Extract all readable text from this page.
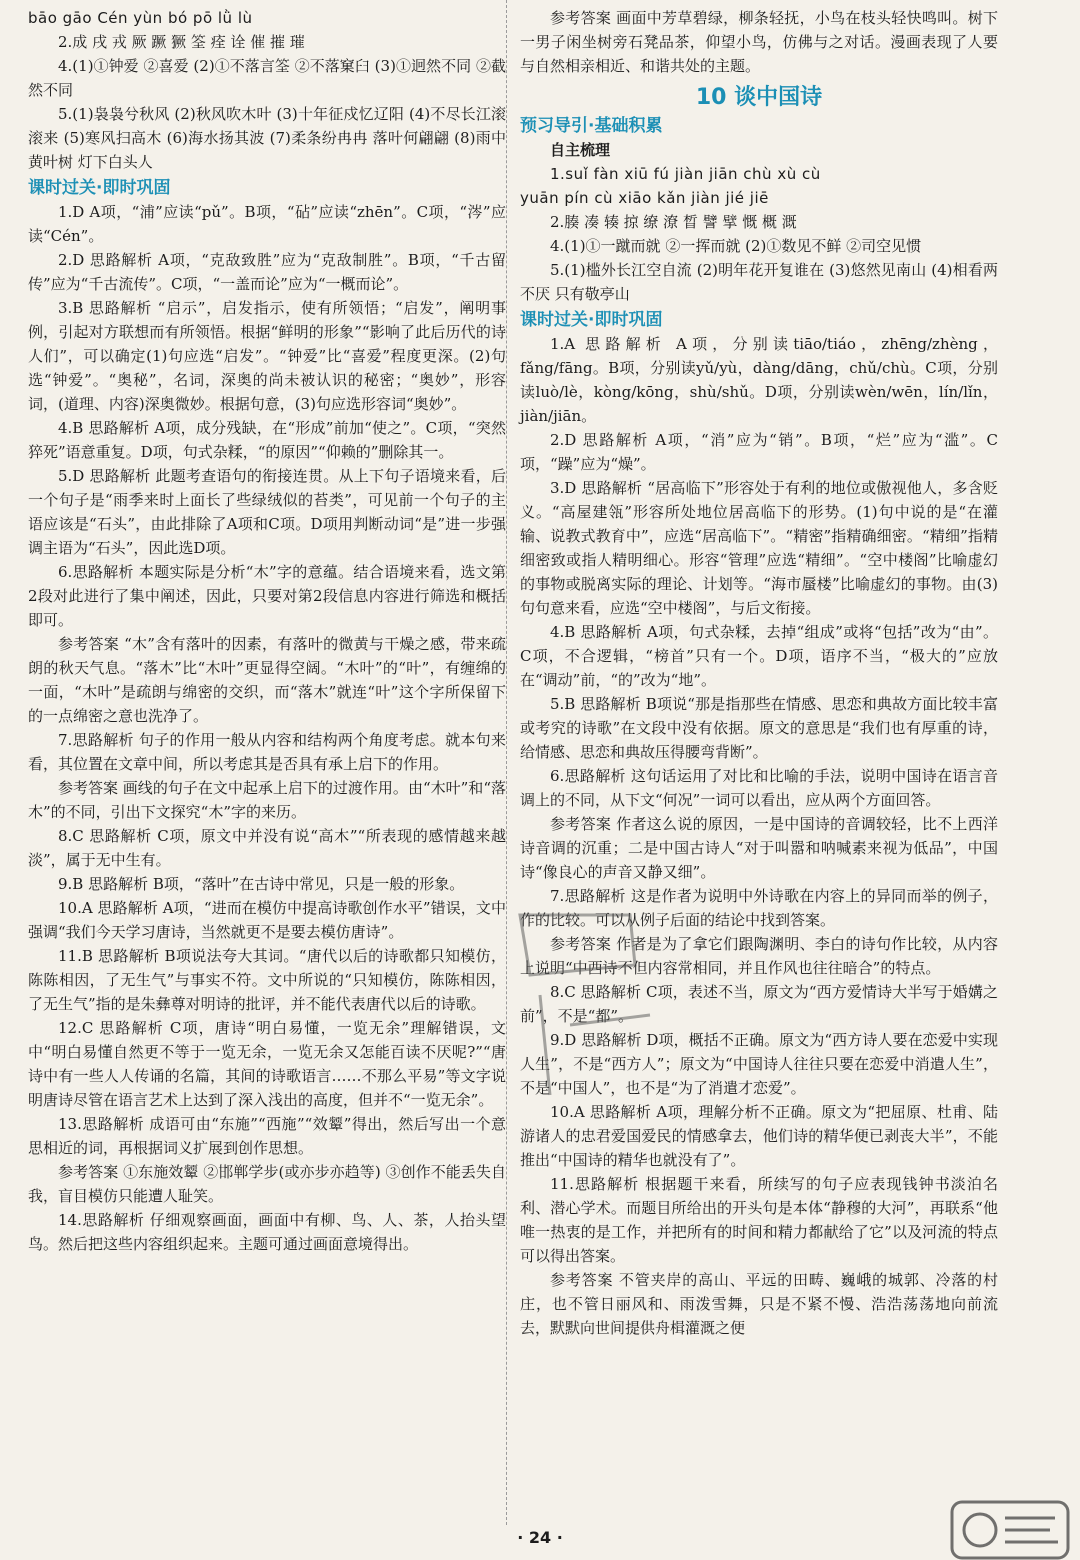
bāo gāo Cén yùn bó pō lǜ lù

2.成 戌 戎 厥 蹶 獗 筌 痊 诠 催 摧 璀

4.(1)①钟爱 ②喜爱 (2)①不落言筌 ②不落窠臼 (3)①迥然不同 ②截然不同

5.(1)袅袅兮秋风 (2)秋风吹木叶 (3)十年征戍忆辽阳 (4)不尽长江滚滚来 (5)寒风扫高木 (6)海水扬其波 (7)柔条纷冉冉 落叶何翩翩 (8)雨中黄叶树 灯下白头人

课时过关·即时巩固

1.D A项，“浦”应读“pǔ”。B项，“砧”应读“zhēn”。C项，“涔”应读“Cén”。

2.D 思路解析 A项，“克敌致胜”应为“克敌制胜”。B项，“千古留传”应为“千古流传”。C项，“一盖而论”应为“一概而论”。

3.B 思路解析 “启示”，启发指示，使有所领悟；“启发”，阐明事例，引起对方联想而有所领悟。根据“鲜明的形象”“影响了此后历代的诗人们”，可以确定(1)句应选“启发”。“钟爱”比“喜爱”程度更深。(2)句选“钟爱”。“奥秘”，名词，深奥的尚未被认识的秘密；“奥妙”，形容词，(道理、内容)深奥微妙。根据句意，(3)句应选形容词“奥妙”。

4.B 思路解析 A项，成分残缺，在“形成”前加“使之”。C项，“突然猝死”语意重复。D项，句式杂糅，“的原因”“仰赖的”删除其一。

5.D 思路解析 此题考查语句的衔接连贯。从上下句子语境来看，后一个句子是“雨季来时上面长了些绿绒似的苔类”，可见前一个句子的主语应该是“石头”，由此排除了A项和C项。D项用判断动词“是”进一步强调主语为“石头”，因此选D项。

6.思路解析 本题实际是分析“木”字的意蕴。结合语境来看，选文第2段对此进行了集中阐述，因此，只要对第2段信息内容进行筛选和概括即可。

参考答案 “木”含有落叶的因素，有落叶的微黄与干燥之感，带来疏朗的秋天气息。“落木”比“木叶”更显得空阔。“木叶”的“叶”，有缠绵的一面，“木叶”是疏朗与绵密的交织，而“落木”就连“叶”这个字所保留下的一点绵密之意也洗净了。

7.思路解析 句子的作用一般从内容和结构两个角度考虑。就本句来看，其位置在文章中间，所以考虑其是否具有承上启下的作用。

参考答案 画线的句子在文中起承上启下的过渡作用。由“木叶”和“落木”的不同，引出下文探究“木”字的来历。

8.C 思路解析 C项，原文中并没有说“高木”“所表现的感情越来越淡”，属于无中生有。

9.B 思路解析 B项，“落叶”在古诗中常见，只是一般的形象。

10.A 思路解析 A项，“进而在模仿中提高诗歌创作水平”错误，文中强调“我们今天学习唐诗，当然就更不是要去模仿唐诗”。

11.B 思路解析 B项说法夸大其词。“唐代以后的诗歌都只知模仿，陈陈相因，了无生气”与事实不符。文中所说的“只知模仿，陈陈相因，了无生气”指的是朱彝尊对明诗的批评，并不能代表唐代以后的诗歌。

12.C 思路解析 C项，唐诗“明白易懂，一览无余”理解错误，文中“明白易懂自然更不等于一览无余，一览无余又怎能百读不厌呢?”“唐诗中有一些人人传诵的名篇，其间的诗歌语言……不那么平易”等文字说明唐诗尽管在语言艺术上达到了深入浅出的高度，但并不“一览无余”。

13.思路解析 成语可由“东施”“西施”“效颦”得出，然后写出一个意思相近的词，再根据词义扩展到创作思想。

参考答案 ①东施效颦 ②邯郸学步(或亦步亦趋等) ③创作不能丢失自我，盲目模仿只能遭人耻笑。

14.思路解析 仔细观察画面，画面中有柳、鸟、人、茶，人抬头望鸟。然后把这些内容组织起来。主题可通过画面意境得出。

参考答案 画面中芳草碧绿，柳条轻抚，小鸟在枝头轻快鸣叫。树下一男子闲坐树旁石凳品茶，仰望小鸟，仿佛与之对话。漫画表现了人要与自然相亲相近、和谐共处的主题。

10 谈中国诗
预习导引·基础积累

自主梳理

1.suǐ fàn xiū fú jiàn jiān chù xù cù

yuān pín cù xiāo kǎn jiàn jié jiē

2.腠 凑 辏 掠 缭 潦 晳 譬 擘 慨 概 溉

4.(1)①一蹴而就 ②一挥而就 (2)①数见不鲜 ②司空见惯

5.(1)槛外长江空自流 (2)明年花开复谁在 (3)悠然见南山 (4)相看两不厌 只有敬亭山

课时过关·即时巩固

1.A 思路解析 A项，分别读tiāo/tiáo，zhēng/zhèng，fǎng/fāng。B项，分别读yǔ/yù，dàng/dāng，chǔ/chù。C项，分别读luò/lè，kòng/kōng，shù/shǔ。D项，分别读wèn/wēn，lín/lǐn，jiàn/jiān。

2.D 思路解析 A项，“消”应为“销”。B项，“烂”应为“滥”。C项，“躁”应为“燥”。

3.D 思路解析 “居高临下”形容处于有利的地位或傲视他人，多含贬义。“高屋建瓴”形容所处地位居高临下的形势。(1)句中说的是“在灌输、说教式教育中”，应选“居高临下”。“精密”指精确细密。“精细”指精细密致或指人精明细心。形容“管理”应选“精细”。“空中楼阁”比喻虚幻的事物或脱离实际的理论、计划等。“海市蜃楼”比喻虚幻的事物。由(3)句句意来看，应选“空中楼阁”，与后文衔接。

4.B 思路解析 A项，句式杂糅，去掉“组成”或将“包括”改为“由”。C项，不合逻辑，“榜首”只有一个。D项，语序不当，“极大的”应放在“调动”前，“的”改为“地”。

5.B 思路解析 B项说“那是指那些在情感、思恋和典故方面比较丰富或考究的诗歌”在文段中没有依据。原文的意思是“我们也有厚重的诗，给情感、思恋和典故压得腰弯背断”。

6.思路解析 这句话运用了对比和比喻的手法，说明中国诗在语言音调上的不同，从下文“何况”一词可以看出，应从两个方面回答。

参考答案 作者这么说的原因，一是中国诗的音调较轻，比不上西洋诗音调的沉重；二是中国古诗人“对于叫嚣和呐喊素来视为低品”，中国诗“像良心的声音又静又细”。

7.思路解析 这是作者为说明中外诗歌在内容上的异同而举的例子，作的比较。可以从例子后面的结论中找到答案。

参考答案 作者是为了拿它们跟陶渊明、李白的诗句作比较，从内容上说明“中西诗不但内容常相同，并且作风也往往暗合”的特点。

8.C 思路解析 C项，表述不当，原文为“西方爱情诗大半写于婚媾之前”，不是“都”。

9.D 思路解析 D项，概括不正确。原文为“西方诗人要在恋爱中实现人生”，不是“西方人”；原文为“中国诗人往往只要在恋爱中消遣人生”，不是“中国人”，也不是“为了消遣才恋爱”。

10.A 思路解析 A项，理解分析不正确。原文为“把屈原、杜甫、陆游诸人的忠君爱国爱民的情感拿去，他们诗的精华便已剥丧大半”，不能推出“中国诗的精华也就没有了”。

11.思路解析 根据题干来看，所续写的句子应表现钱钟书淡泊名利、潜心学术。而题目所给出的开头句是本体“静穆的大河”，再联系“他唯一热衷的是工作，并把所有的时间和精力都献给了它”以及河流的特点可以得出答案。

参考答案 不管夹岸的高山、平远的田畴、巍峨的城郭、冷落的村庄，也不管日丽风和、雨泼雪舞，只是不紧不慢、浩浩荡荡地向前流去，默默向世间提供舟楫灌溉之便

· 24 ·
